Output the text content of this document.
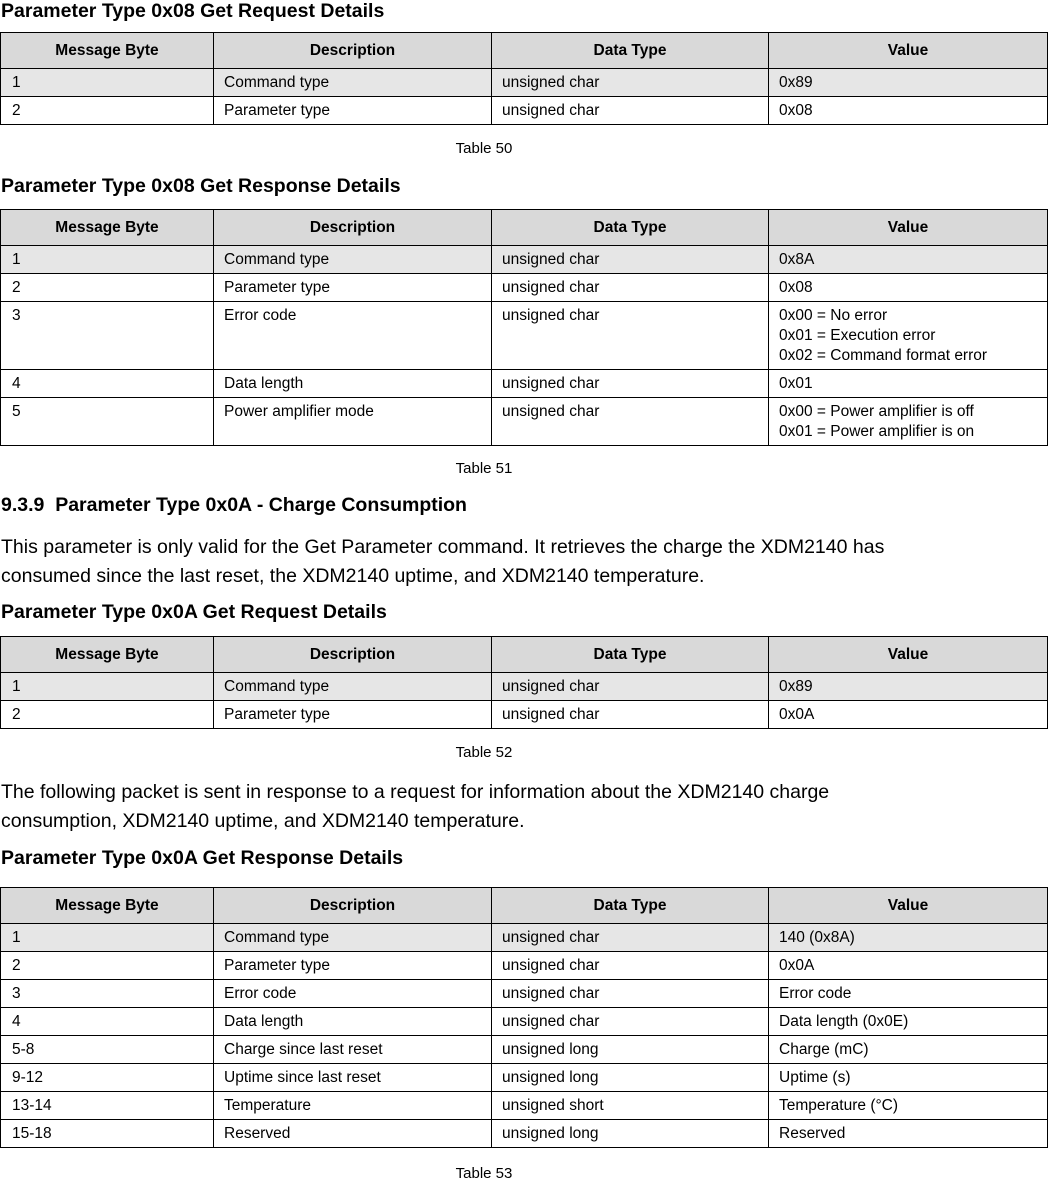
Parameter Type 0x08 Get Request Details

Message Byte	Description	Data Type	Value
1	Command type	unsigned char	0x89
2	Parameter type	unsigned char	0x08

Table 50

Parameter Type 0x08 Get Response Details

Message Byte	Description	Data Type	Value
1	Command type	unsigned char	0x8A
2	Parameter type	unsigned char	0x08
3	Error code	unsigned char	0x00 = No error
0x01 = Execution error
0x02 = Command format error
4	Data length	unsigned char	0x01
5	Power amplifier mode	unsigned char	0x00 = Power amplifier is off
0x01 = Power amplifier is on

Table 51

9.3.9  Parameter Type 0x0A - Charge Consumption

This parameter is only valid for the Get Parameter command. It retrieves the charge the XDM2140 has consumed since the last reset, the XDM2140 uptime, and XDM2140 temperature.

Parameter Type 0x0A Get Request Details

Message Byte	Description	Data Type	Value
1	Command type	unsigned char	0x89
2	Parameter type	unsigned char	0x0A

Table 52

The following packet is sent in response to a request for information about the XDM2140 charge consumption, XDM2140 uptime, and XDM2140 temperature.

Parameter Type 0x0A Get Response Details

Message Byte	Description	Data Type	Value
1	Command type	unsigned char	140 (0x8A)
2	Parameter type	unsigned char	0x0A
3	Error code	unsigned char	Error code
4	Data length	unsigned char	Data length (0x0E)
5-8	Charge since last reset	unsigned long	Charge (mC)
9-12	Uptime since last reset	unsigned long	Uptime (s)
13-14	Temperature	unsigned short	Temperature (°C)
15-18	Reserved	unsigned long	Reserved

Table 53
